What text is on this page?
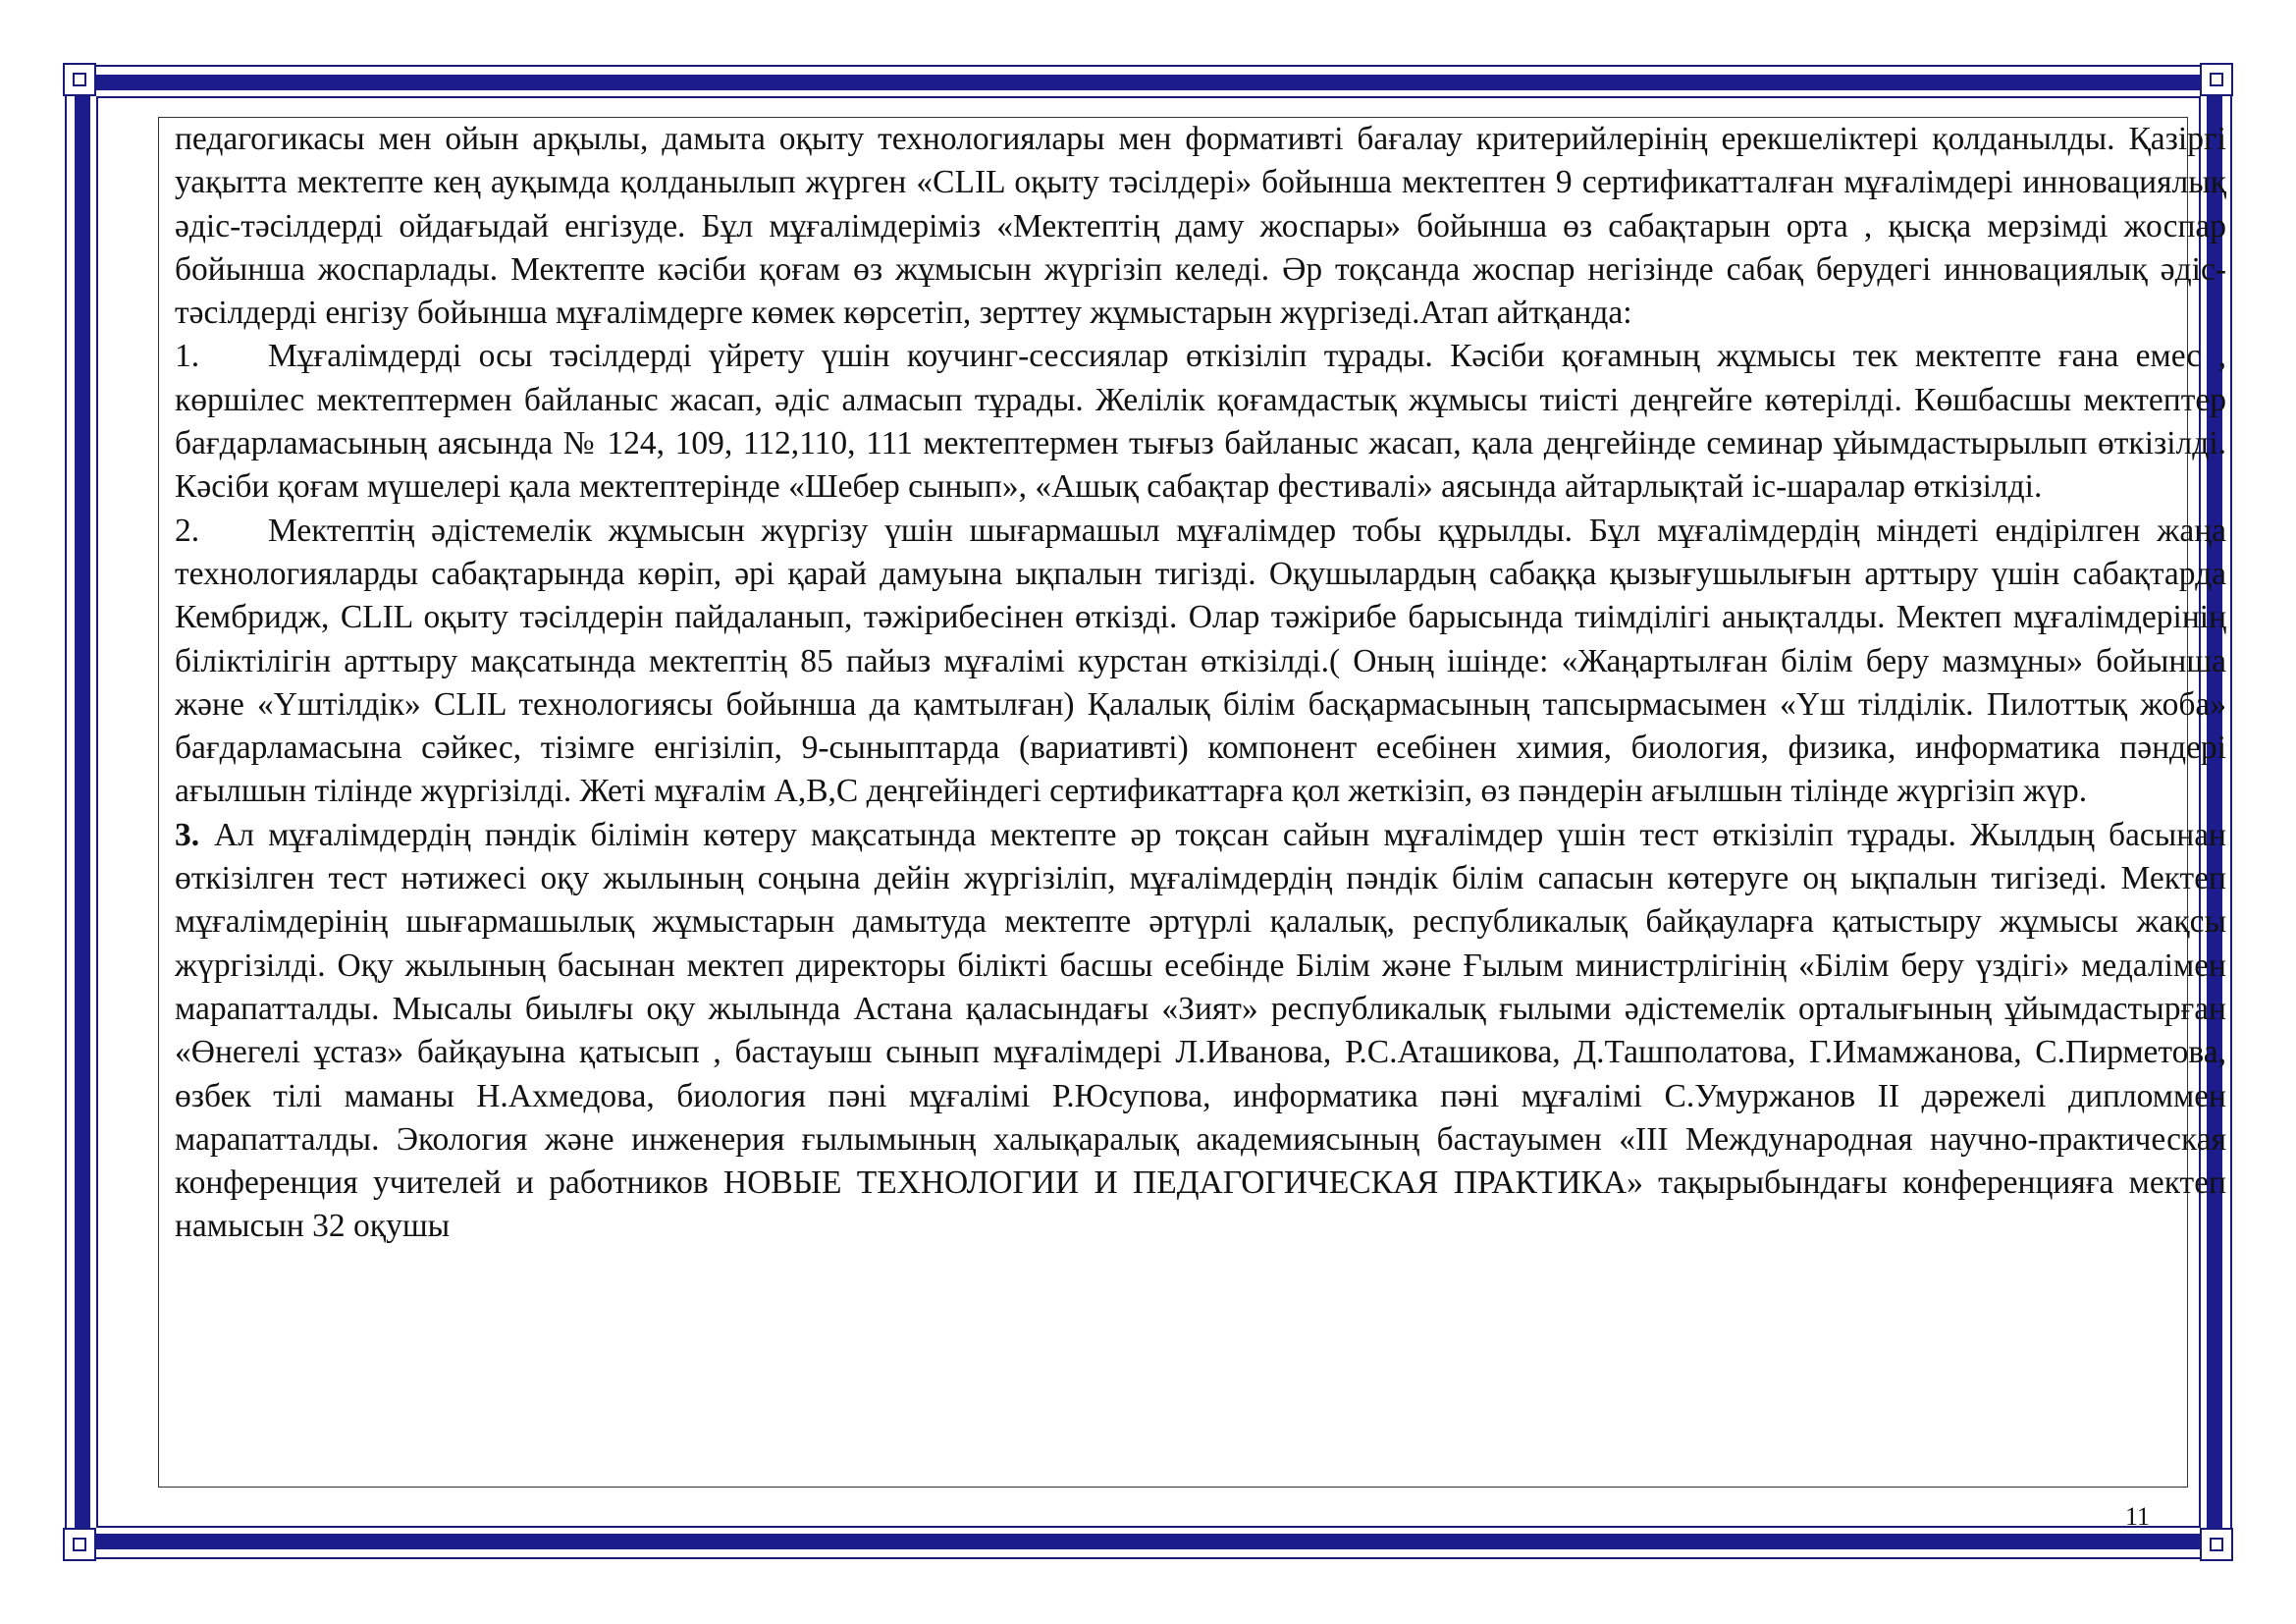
педагогикасы мен ойын арқылы, дамыта оқыту технологиялары мен формативті бағалау критерийлерінің ерекшеліктері қолданылды. Қазіргі уақытта мектепте кең ауқымда қолданылып жүрген «CLIL оқыту тәсілдері» бойынша мектептен 9 сертификатталған мұғалімдері инновациялық әдіс-тәсілдерді ойдағыдай енгізуде. Бұл мұғалімдеріміз «Мектептің даму жоспары» бойынша өз сабақтарын орта , қысқа мерзімді жоспар бойынша жоспарлады. Мектепте кәсіби қоғам өз жұмысын жүргізіп келеді. Әр тоқсанда жоспар негізінде сабақ берудегі инновациялық әдіс-тәсілдерді енгізу бойынша мұғалімдерге көмек көрсетіп, зерттеу жұмыстарын жүргізеді.Атап айтқанда:

1. Мұғалімдерді осы тәсілдерді үйрету үшін коучинг-сессиялар өткізіліп тұрады. Кәсіби қоғамның жұмысы тек мектепте ғана емес , көршілес мектептермен байланыс жасап, әдіс алмасып тұрады. Желілік қоғамдастық жұмысы тиісті деңгейге көтерілді. Көшбасшы мектептер бағдарламасының аясында № 124, 109, 112,110, 111 мектептермен тығыз байланыс жасап, қала деңгейінде семинар ұйымдастырылып өткізілді. Кәсіби қоғам мүшелері қала мектептерінде «Шебер сынып», «Ашық сабақтар фестивалі» аясында айтарлықтай іс-шаралар өткізілді.

2. Мектептің әдістемелік жұмысын жүргізу үшін шығармашыл мұғалімдер тобы құрылды. Бұл мұғалімдердің міндеті ендірілген жаңа технологияларды сабақтарында көріп, әрі қарай дамуына ықпалын тигізді. Оқушылардың сабаққа қызығушылығын арттыру үшін сабақтарда Кембридж, CLIL оқыту тәсілдерін пайдаланып, тәжірибесінен өткізді. Олар тәжірибе барысында тиімділігі анықталды. Мектеп мұғалімдерінің біліктілігін арттыру мақсатында мектептің 85 пайыз мұғалімі курстан өткізілді.( Оның ішінде: «Жаңартылған білім беру мазмұны» бойынша және «Үштілдік» CLIL технологиясы бойынша да қамтылған) Қалалық білім басқармасының тапсырмасымен «Үш тілділік. Пилоттық жоба» бағдарламасына сәйкес, тізімге енгізіліп, 9-сыныптарда (вариативті) компонент есебінен химия, биология, физика, информатика пәндері ағылшын тілінде жүргізілді. Жеті мұғалім А,В,С деңгейіндегі сертификаттарға қол жеткізіп, өз пәндерін ағылшын тілінде жүргізіп жүр.

3. Ал мұғалімдердің пәндік білімін көтеру мақсатында мектепте әр тоқсан сайын мұғалімдер үшін тест өткізіліп тұрады. Жылдың басынан өткізілген тест нәтижесі оқу жылының соңына дейін жүргізіліп, мұғалімдердің пәндік білім сапасын көтеруге оң ықпалын тигізеді. Мектеп мұғалімдерінің шығармашылық жұмыстарын дамытуда мектепте әртүрлі қалалық, республикалық байқауларға қатыстыру жұмысы жақсы жүргізілді. Оқу жылының басынан мектеп директоры білікті басшы есебінде Білім және Ғылым министрлігінің «Білім беру үздігі» медалімен марапатталды. Мысалы биылғы оқу жылында Астана қаласындағы «Зият» республикалық ғылыми әдістемелік орталығының ұйымдастырған «Өнегелі ұстаз» байқауына қатысып , бастауыш сынып мұғалімдері Л.Иванова, Р.С.Аташикова, Д.Ташполатова, Г.Имамжанова, С.Пирметова, өзбек тілі маманы Н.Ахмедова, биология пәні мұғалімі Р.Юсупова, информатика пәні мұғалімі С.Умуржанов ІІ дәрежелі дипломмен марапатталды. Экология және инженерия ғылымының халықаралық академиясының бастауымен «III Международная научно-практическая конференция учителей и работников НОВЫЕ ТЕХНОЛОГИИ И ПЕДАГОГИЧЕСКАЯ ПРАКТИКА» тақырыбындағы конференцияға мектеп намысын 32 оқушы

11
